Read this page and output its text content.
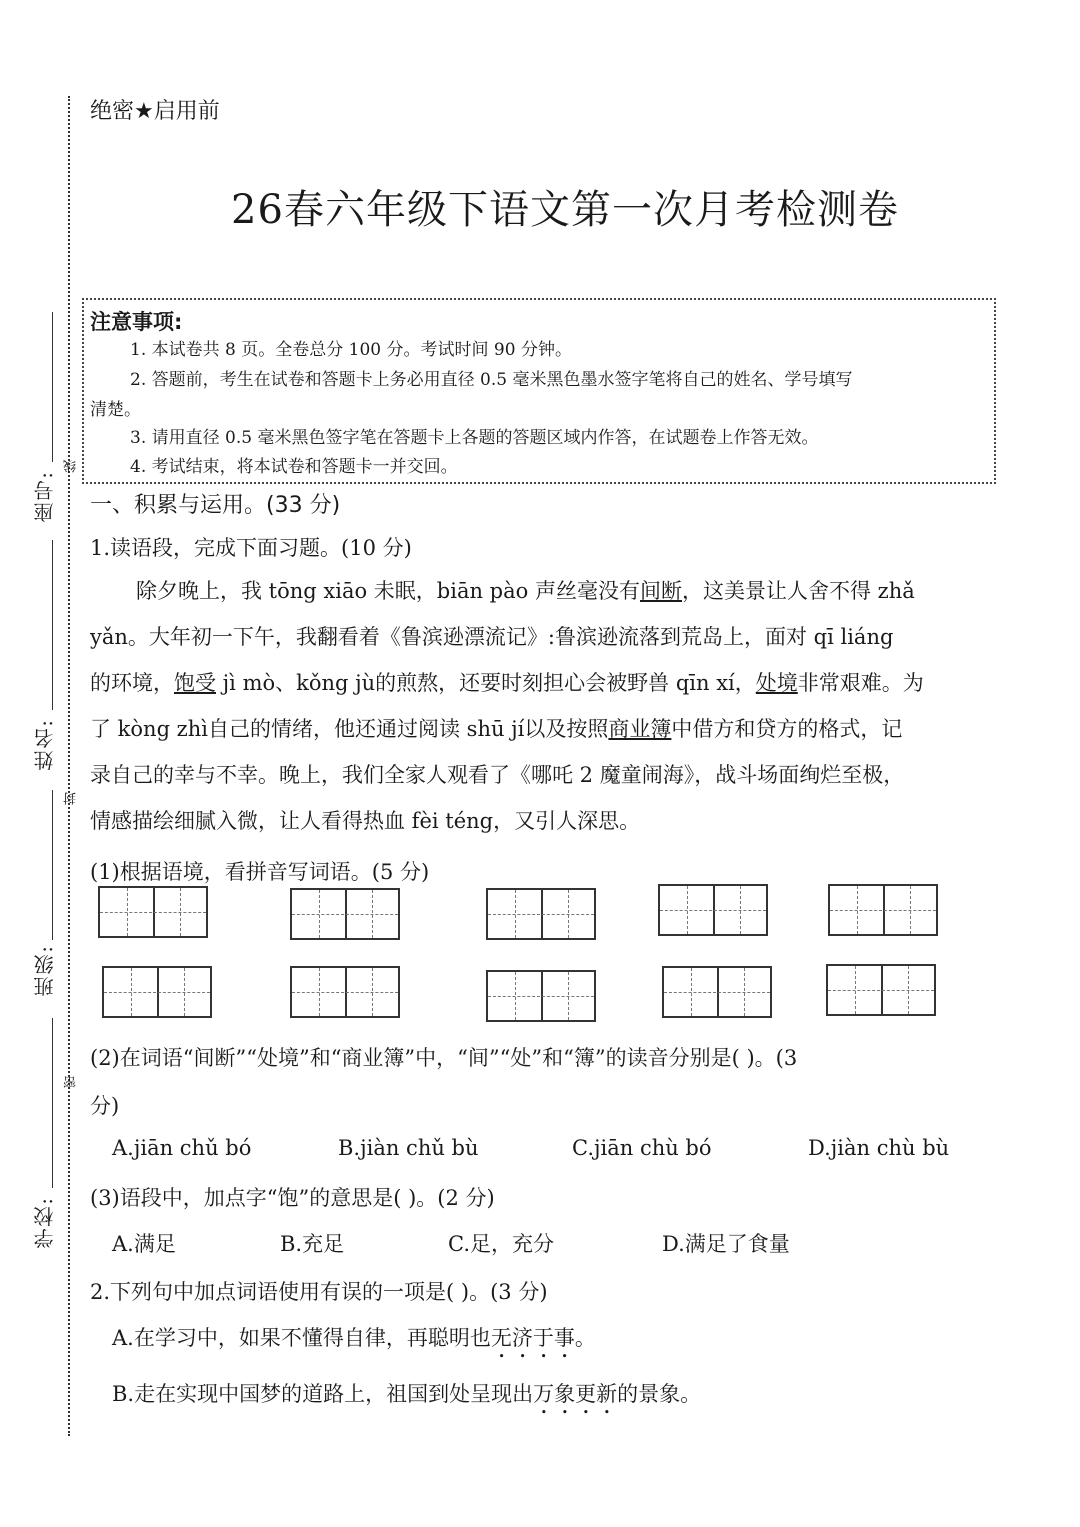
座号:
线
姓名:
封
班级:
密
学校:
绝密★启用前
26春六年级下语文第一次月考检测卷
注意事项:
1. 本试卷共 8 页。全卷总分 100 分。考试时间 90 分钟。
2. 答题前，考生在试卷和答题卡上务必用直径 0.5 毫米黑色墨水签字笔将自己的姓名、学号填写
清楚。
3. 请用直径 0.5 毫米黑色签字笔在答题卡上各题的答题区域内作答，在试题卷上作答无效。
4. 考试结束，将本试卷和答题卡一并交回。
一、积累与运用。(33 分)
1.读语段，完成下面习题。(10 分)
除夕晚上，我 tōng xiāo 未眠，biān pào 声丝毫没有间断，这美景让人舍不得 zhǎ
yǎn。大年初一下午，我翻看着《鲁滨逊漂流记》:鲁滨逊流落到荒岛上，面对 qī liáng
的环境，饱受 jì mò、kǒng jù的煎熬，还要时刻担心会被野兽 qīn xí，处境非常艰难。为
了 kòng zhì自己的情绪，他还通过阅读 shū jí以及按照商业簿中借方和贷方的格式，记
录自己的幸与不幸。晚上，我们全家人观看了《哪吒 2 魔童闹海》，战斗场面绚烂至极，
情感描绘细腻入微，让人看得热血 fèi téng，又引人深思。
(1)根据语境，看拼音写词语。(5 分)
(2)在词语“间断”“处境”和“商业簿”中，“间”“处”和“簿”的读音分别是( )。(3
分)
A.jiān chǔ bó	B.jiàn chǔ bù	C.jiān chù bó	D.jiàn chù bù
(3)语段中，加点字“饱”的意思是( )。(2 分)
A.满足	B.充足	C.足，充分	D.满足了食量
2.下列句中加点词语使用有误的一项是( )。(3 分)
A.在学习中，如果不懂得自律，再聪明也无济于事。
B.走在实现中国梦的道路上，祖国到处呈现出万象更新的景象。
